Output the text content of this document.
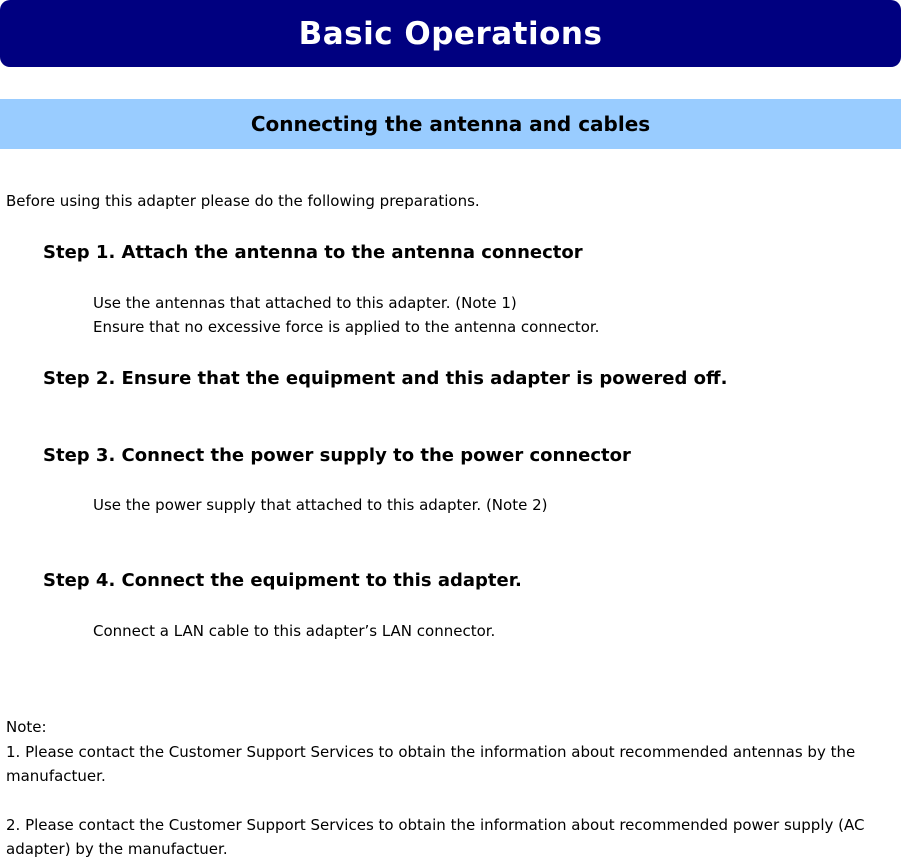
Basic Operations
Connecting the antenna and cables
Before using this adapter please do the following preparations.
Step 1. Attach the antenna to the antenna connector
Use the antennas that attached to this adapter. (Note 1)
Ensure that no excessive force is applied to the antenna connector.
Step 2. Ensure that the equipment and this adapter is powered off.
Step 3. Connect the power supply to the power connector
Use the power supply that attached to this adapter. (Note 2)
Step 4. Connect the equipment to this adapter.
Connect a LAN cable to this adapter’s LAN connector.
Note:
1. Please contact the Customer Support Services to obtain the information about recommended antennas by the manufactuer.
2. Please contact the Customer Support Services to obtain the information about recommended power supply (AC adapter) by the manufactuer.
